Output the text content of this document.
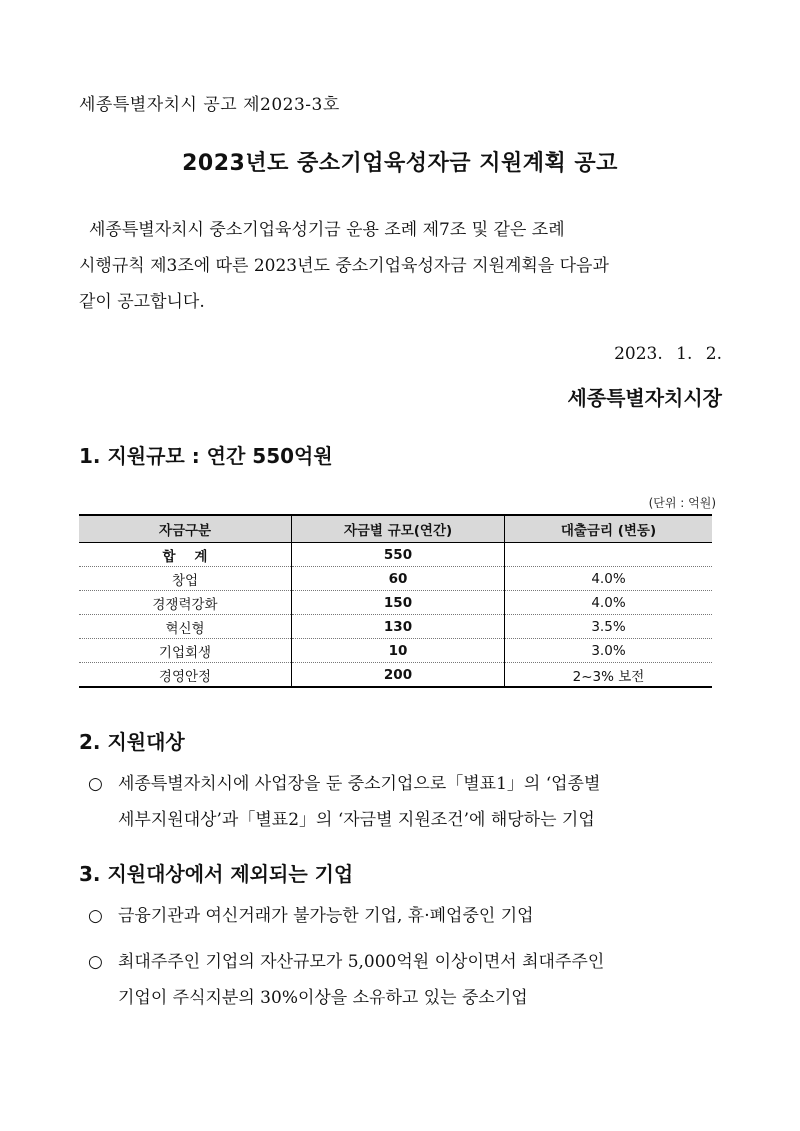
세종특별자치시 공고 제2023-3호
2023년도 중소기업육성자금 지원계획 공고
세종특별자치시 중소기업육성기금 운용 조례 제7조 및 같은 조례
시행규칙 제3조에 따른 2023년도 중소기업육성자금 지원계획을 다음과
같이 공고합니다.
2023. 1. 2.
세종특별자치시장
1. 지원규모 : 연간 550억원
(단위 : 억원)
자금구분	자금별 규모(연간)	대출금리 (변동)
합    계	550	
창업	60	4.0%
경쟁력강화	150	4.0%
혁신형	130	3.5%
기업회생	10	3.0%
경영안정	200	2~3% 보전
2. 지원대상
○ 세종특별자치시에 사업장을 둔 중소기업으로「별표1」의 ‘업종별
세부지원대상’과「별표2」의 ‘자금별 지원조건’에 해당하는 기업
3. 지원대상에서 제외되는 기업
○ 금융기관과 여신거래가 불가능한 기업, 휴·폐업중인 기업
○ 최대주주인 기업의 자산규모가 5,000억원 이상이면서 최대주주인
기업이 주식지분의 30%이상을 소유하고 있는 중소기업
